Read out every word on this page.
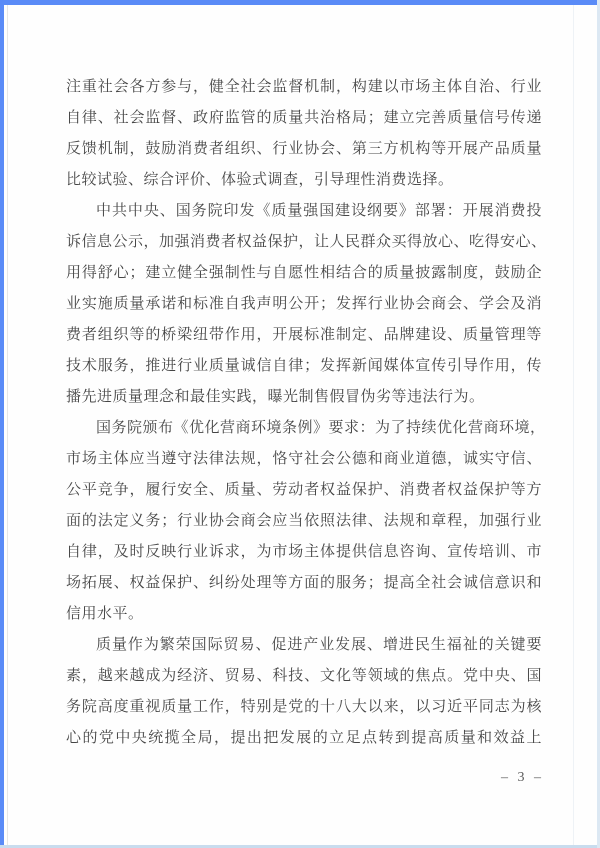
注重社会各方参与，健全社会监督机制，构建以市场主体自治、行业
自律、社会监督、政府监管的质量共治格局；建立完善质量信号传递
反馈机制，鼓励消费者组织、行业协会、第三方机构等开展产品质量
比较试验、综合评价、体验式调查，引导理性消费选择。
中共中央、国务院印发《质量强国建设纲要》部署：开展消费投
诉信息公示，加强消费者权益保护，让人民群众买得放心、吃得安心、
用得舒心；建立健全强制性与自愿性相结合的质量披露制度，鼓励企
业实施质量承诺和标准自我声明公开；发挥行业协会商会、学会及消
费者组织等的桥梁纽带作用，开展标准制定、品牌建设、质量管理等
技术服务，推进行业质量诚信自律；发挥新闻媒体宣传引导作用，传
播先进质量理念和最佳实践，曝光制售假冒伪劣等违法行为。
国务院颁布《优化营商环境条例》要求：为了持续优化营商环境，
市场主体应当遵守法律法规，恪守社会公德和商业道德，诚实守信、
公平竞争，履行安全、质量、劳动者权益保护、消费者权益保护等方
面的法定义务；行业协会商会应当依照法律、法规和章程，加强行业
自律，及时反映行业诉求，为市场主体提供信息咨询、宣传培训、市
场拓展、权益保护、纠纷处理等方面的服务；提高全社会诚信意识和
信用水平。
质量作为繁荣国际贸易、促进产业发展、增进民生福祉的关键要
素，越来越成为经济、贸易、科技、文化等领域的焦点。党中央、国
务院高度重视质量工作，特别是党的十八大以来，以习近平同志为核
心的党中央统揽全局，提出把发展的立足点转到提高质量和效益上
– 3 –
